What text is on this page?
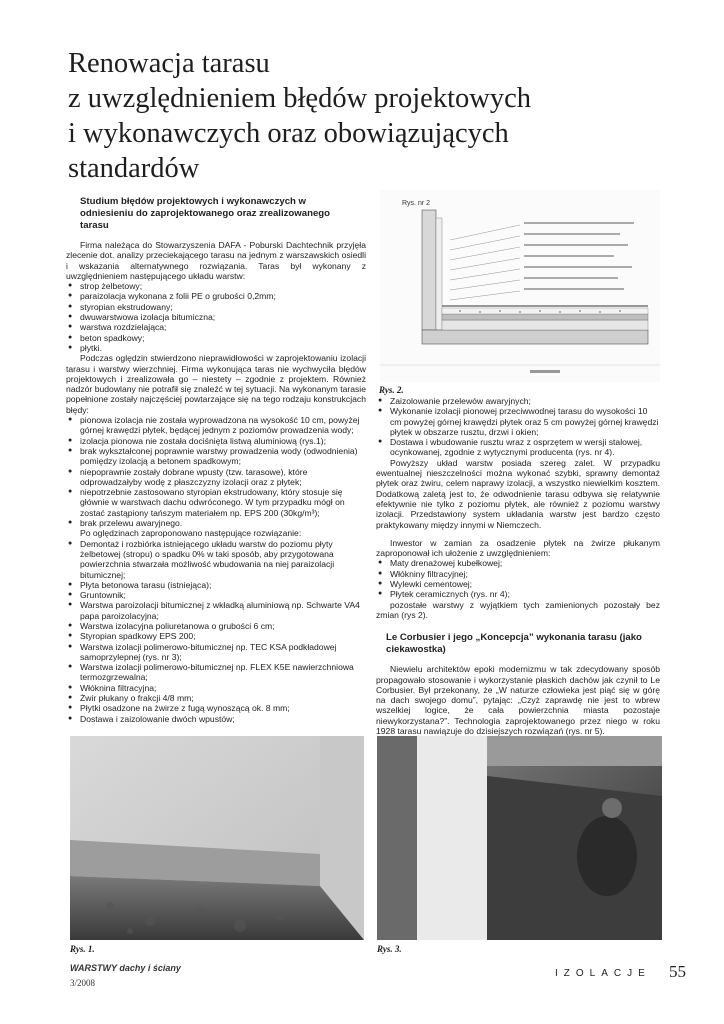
Renowacja tarasu
z uwzględnieniem błędów projektowych
i wykonawczych oraz obowiązujących
standardów
Studium błędów projektowych i wykonawczych w odniesieniu do zaprojektowanego oraz zrealizowanego tarasu

Firma należąca do Stowarzyszenia DAFA - Poburski Dachtechnik przyjęła zlecenie dot. analizy przeciekającego tarasu na jednym z warszawskich osiedli i wskazania alternatywnego rozwiązania. Taras był wykonany z uwzględnieniem następującego układu warstw:

● strop żelbetowy;
● paraizolacja wykonana z folii PE o grubości 0,2mm;
● styropian ekstrudowany;
● dwuwarstwowa izolacja bitumiczna;
● warstwa rozdzielająca;
● beton spadkowy;
● płytki.

Podczas oględzin stwierdzono nieprawidłowości w zaprojektowaniu izolacji tarasu i warstwy wierzchniej. Firma wykonująca taras nie wychwyciła błędów projektowych i zrealizowała go – niestety – zgodnie z projektem. Również nadzór budowlany nie potrafił się znaleźć w tej sytuacji. Na wykonanym tarasie popełnione zostały najczęściej powtarzające się na tego rodzaju konstrukcjach błędy:

● pionowa izolacja nie została wyprowadzona na wysokość 10 cm, powyżej górnej krawędzi płytek, będącej jednym z poziomów prowadzenia wody;
● izolacja pionowa nie została dociśnięta listwą aluminiową (rys.1);
● brak wykształconej poprawnie warstwy prowadzenia wody (odwodnienia) pomiędzy izolacją a betonem spadkowym;
● niepoprawnie zostały dobrane wpusty (tzw. tarasowe), które odprowadzałyby wodę z płaszczyzny izolacji oraz z płytek;
● niepotrzebnie zastosowano styropian ekstrudowany, który stosuje się głównie w warstwach dachu odwróconego. W tym przypadku mógł on zostać zastąpiony tańszym materiałem np. EPS 200 (30kg/m³);
● brak przelewu awaryjnego.

Po oględzinach zaproponowano następujące rozwiązanie:

● Demontaż i rozbiórka istniejącego układu warstw do poziomu płyty żelbetowej (stropu) o spadku 0% w taki sposób, aby przygotowana powierzchnia stwarzała możliwość wbudowania na niej paraizolacji bitumicznej;
● Płyta betonowa tarasu (istniejąca);
● Gruntownik;
● Warstwa paroizolacji bitumicznej z wkładką aluminiową np. Schwarte VA4 papa paroizolacyjna;
● Warstwa izolacyjna poliuretanowa o grubości 6 cm;
● Styropian spadkowy EPS 200;
● Warstwa izolacji polimerowo-bitumicznej np. TEC KSA podkładowej samoprzylepnej (rys. nr 3);
● Warstwa izolacji polimerowo-bitumicznej np. FLEX K5E nawierzchniowa termozgrzewalna;
● Włóknina filtracyjna;
● Żwir płukany o frakcji 4/8 mm;
● Płytki osadzone na żwirze z fugą wynoszącą ok. 8 mm;
● Dostawa i zaizolowanie dwóch wpustów;
Rys. nr 2
Rys. 2.
● Zaizolowanie przelewów awaryjnych;
● Wykonanie izolacji pionowej przeciwwodnej tarasu do wysokości 10 cm powyżej górnej krawędzi płytek oraz 5 cm powyżej górnej krawędzi płytek w obszarze rusztu, drzwi i okien;
● Dostawa i wbudowanie rusztu wraz z osprzętem w wersji stalowej, ocynkowanej, zgodnie z wytycznymi producenta (rys. nr 4).

Powyższy układ warstw posiada szereg zalet. W przypadku ewentualnej nieszczelności można wykonać szybki, sprawny demontaż płytek oraz żwiru, celem naprawy izolacji, a wszystko niewielkim kosztem. Dodatkową zaletą jest to, że odwodnienie tarasu odbywa się relatywnie efektywnie nie tylko z poziomu płytek, ale również z poziomu warstwy izolacji. Przedstawiony system układania warstw jest bardzo często praktykowany między innymi w Niemczech.

Inwestor w zamian za osadzenie płytek na żwirze płukanym zaproponował ich ułożenie z uwzględnieniem:

● Maty drenażowej kubełkowej;
● Włókniny filtracyjnej;
● Wylewki cementowej;
● Płytek ceramicznych (rys. nr 4);

pozostałe warstwy z wyjątkiem tych zamienionych pozostały bez zmian (rys 2).

Le Corbusier i jego „Koncepcja” wykonania tarasu (jako ciekawostka)

Niewielu architektów epoki modernizmu w tak zdecydowany sposób propagowało stosowanie i wykorzystanie płaskich dachów jak czynił to Le Corbusier. Był przekonany, że „W naturze człowieka jest piąć się w górę na dach swojego domu”, pytając: „Czyż zaprawdę nie jest to wbrew wszelkiej logice, że cała powierzchnia miasta pozostaje niewykorzystana?”. Technologia zaprojektowanego przez niego w roku 1928 tarasu nawiązuje do dzisiejszych rozwiązań (rys. nr 5).

Rys. 1.	Rys. 3.
WARSTWY dachy i ściany
3/2008
IZOLACJE 55
